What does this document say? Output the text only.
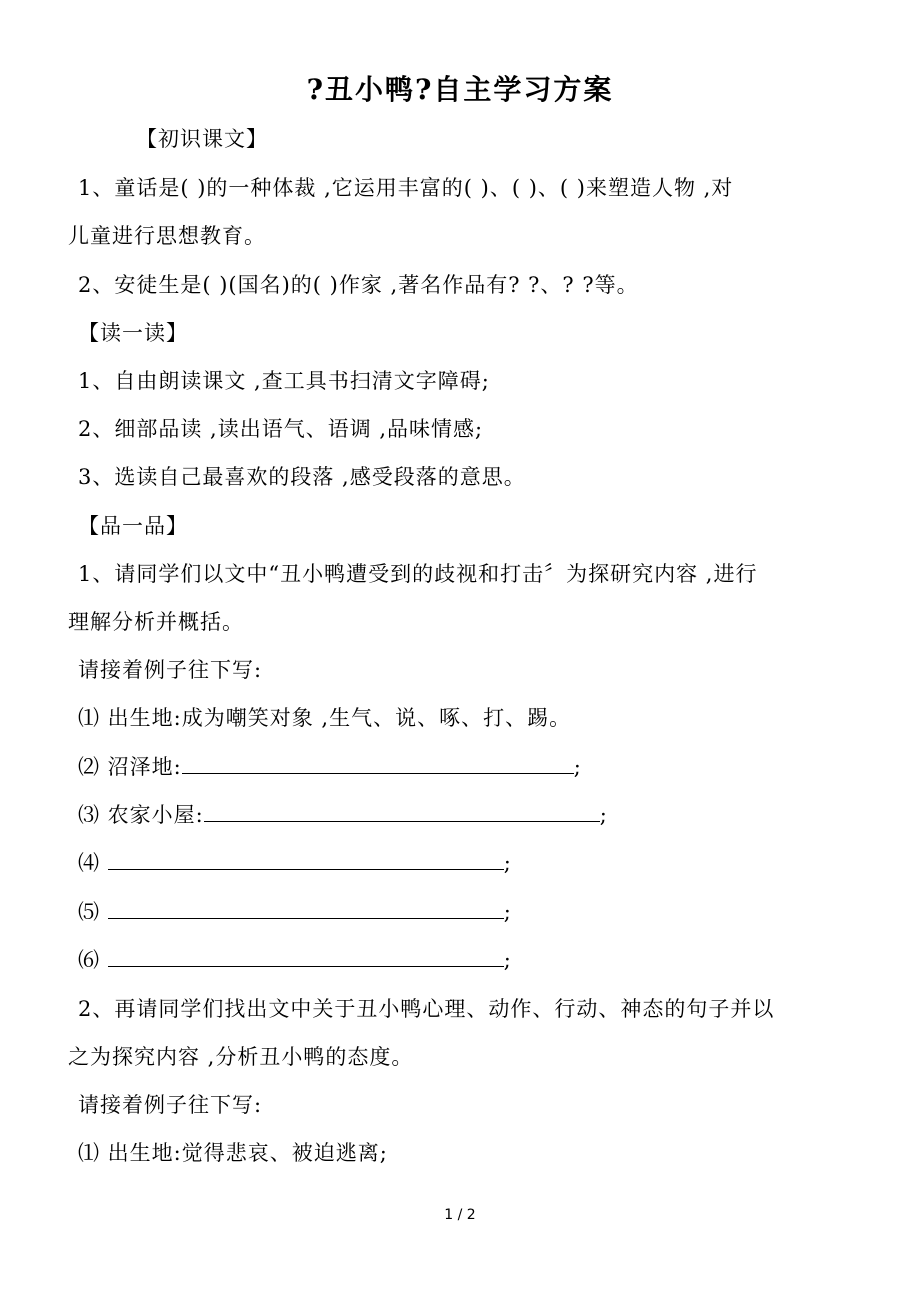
?丑小鸭?自主学习方案
【初识课文】
1、童话是( )的一种体裁 ,它运用丰富的( )、( )、( )来塑造人物 ,对
儿童进行思想教育。
2、安徒生是( )(国名)的( )作家 ,著名作品有? ?、? ?等。
【读一读】
1、自由朗读课文 ,查工具书扫清文字障碍;
2、细部品读 ,读出语气、语调 ,品味情感;
3、选读自己最喜欢的段落 ,感受段落的意思。
【品一品】
1、请同学们以文中“丑小鸭遭受到的歧视和打击〞为探研究内容 ,进行
理解分析并概括。
请接着例子往下写:
⑴ 出生地:成为嘲笑对象 ,生气、说、啄、打、踢。
⑵ 沼泽地:	;
⑶ 农家小屋:	;
⑷	;
⑸	;
⑹	;
2、再请同学们找出文中关于丑小鸭心理、动作、行动、神态的句子并以
之为探究内容 ,分析丑小鸭的态度。
请接着例子往下写:
⑴ 出生地:觉得悲哀、被迫逃离;
1 / 2
